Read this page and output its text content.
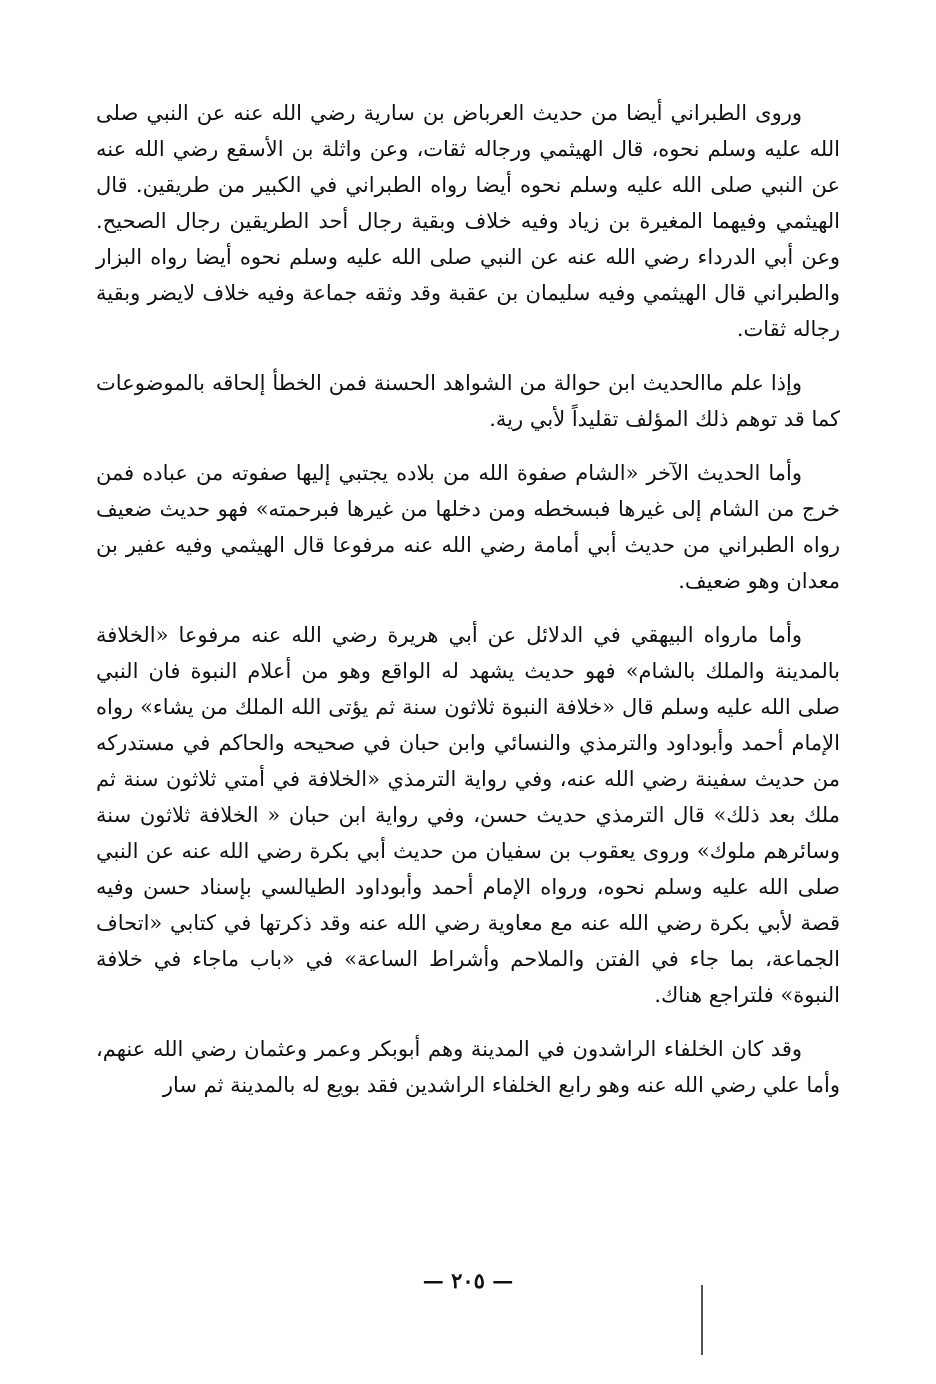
وروى الطبراني أيضا من حديث العرباض بن سارية رضي الله عنه عن النبي صلى الله عليه وسلم نحوه، قال الهيثمي ورجاله ثقات، وعن واثلة بن الأسقع رضي الله عنه عن النبي صلى الله عليه وسلم نحوه أيضا رواه الطبراني في الكبير من طريقين. قال الهيثمي وفيهما المغيرة بن زياد وفيه خلاف وبقية رجال أحد الطريقين رجال الصحيح. وعن أبي الدرداء رضي الله عنه عن النبي صلى الله عليه وسلم نحوه أيضا رواه البزار والطبراني قال الهيثمي وفيه سليمان بن عقبة وقد وثقه جماعة وفيه خلاف لايضر وبقية رجاله ثقات.

وإذا علم ماالحديث ابن حوالة من الشواهد الحسنة فمن الخطأ إلحاقه بالموضوعات كما قد توهم ذلك المؤلف تقليداً لأبي رية.

وأما الحديث الآخر «الشام صفوة الله من بلاده يجتبي إليها صفوته من عباده فمن خرج من الشام إلى غيرها فبسخطه ومن دخلها من غيرها فبرحمته» فهو حديث ضعيف رواه الطبراني من حديث أبي أمامة رضي الله عنه مرفوعا قال الهيثمي وفيه عفير بن معدان وهو ضعيف.

وأما مارواه البيهقي في الدلائل عن أبي هريرة رضي الله عنه مرفوعا «الخلافة بالمدينة والملك بالشام» فهو حديث يشهد له الواقع وهو من أعلام النبوة فان النبي صلى الله عليه وسلم قال «خلافة النبوة ثلاثون سنة ثم يؤتى الله الملك من يشاء» رواه الإمام أحمد وأبوداود والترمذي والنسائي وابن حبان في صحيحه والحاكم في مستدركه من حديث سفينة رضي الله عنه، وفي رواية الترمذي «الخلافة في أمتي ثلاثون سنة ثم ملك بعد ذلك» قال الترمذي حديث حسن، وفي رواية ابن حبان « الخلافة ثلاثون سنة وسائرهم ملوك» وروى يعقوب بن سفيان من حديث أبي بكرة رضي الله عنه عن النبي صلى الله عليه وسلم نحوه، ورواه الإمام أحمد وأبوداود الطيالسي بإسناد حسن وفيه قصة لأبي بكرة رضي الله عنه مع معاوية رضي الله عنه وقد ذكرتها في كتابي «اتحاف الجماعة، بما جاء في الفتن والملاحم وأشراط الساعة» في «باب ماجاء في خلافة النبوة» فلتراجع هناك.

وقد كان الخلفاء الراشدون في المدينة وهم أبوبكر وعمر وعثمان رضي الله عنهم، وأما علي رضي الله عنه وهو رابع الخلفاء الراشدين فقد بويع له بالمدينة ثم سار

— ٢٠٥ —
